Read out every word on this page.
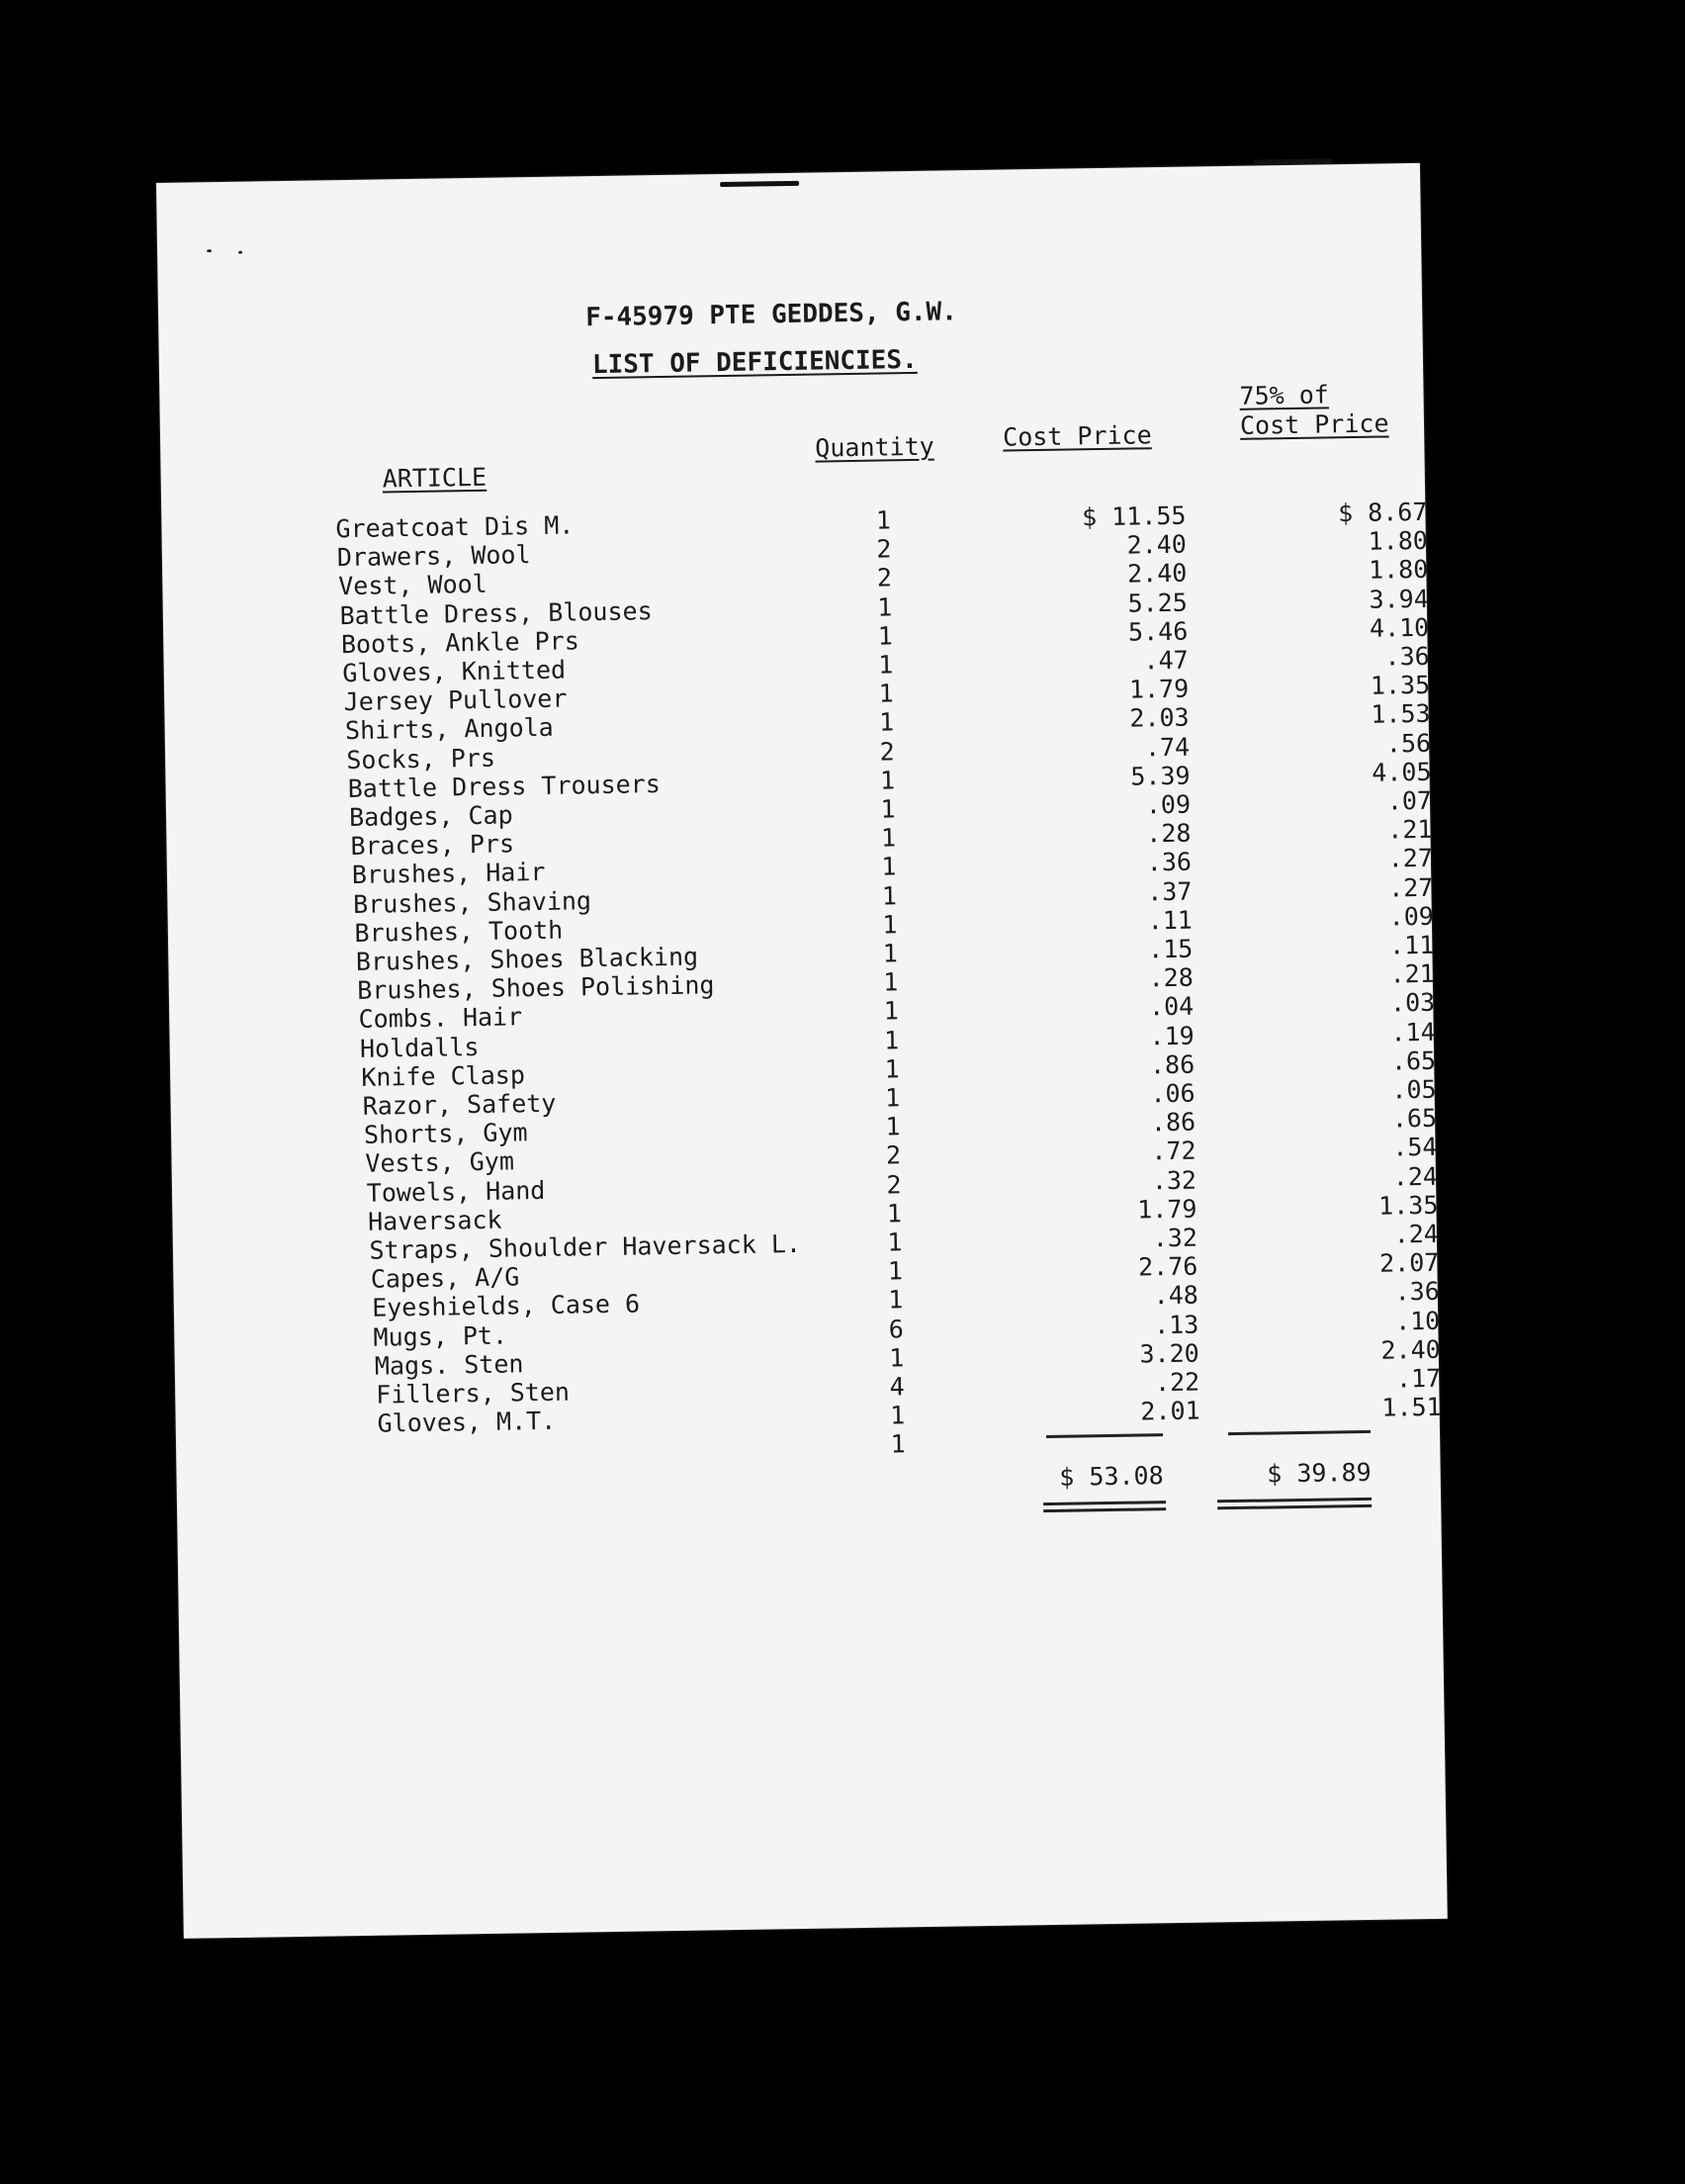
F-45979 PTE GEDDES, G.W.
LIST OF DEFICIENCIES.
75% of
Cost Price
Cost Price
Quantity
ARTICLE
Greatcoat Dis M.	1	$ 11.55	$ 8.67
Drawers, Wool	2	2.40	1.80
Vest, Wool	2	2.40	1.80
Battle Dress, Blouses	1	5.25	3.94
Boots, Ankle Prs	1	5.46	4.10
Gloves, Knitted	1	.47	.36
Jersey Pullover	1	1.79	1.35
Shirts, Angola	1	2.03	1.53
Socks, Prs	2	.74	.56
Battle Dress Trousers	1	5.39	4.05
Badges, Cap	1	.09	.07
Braces, Prs	1	.28	.21
Brushes, Hair	1	.36	.27
Brushes, Shaving	1	.37	.27
Brushes, Tooth	1	.11	.09
Brushes, Shoes Blacking	1	.15	.11
Brushes, Shoes Polishing	1	.28	.21
Combs. Hair	1	.04	.03
Holdalls	1	.19	.14
Knife Clasp	1	.86	.65
Razor, Safety	1	.06	.05
Shorts, Gym	1	.86	.65
Vests, Gym	2	.72	.54
Towels, Hand	2	.32	.24
Haversack	1	1.79	1.35
Straps, Shoulder Haversack L.	1	.32	.24
Capes, A/G	1	2.76	2.07
Eyeshields, Case 6	1	.48	.36
Mugs, Pt.	6	.13	.10
Mags. Sten	1	3.20	2.40
Fillers, Sten	4	.22	.17
Gloves, M.T.	1	2.01	1.51
1
$ 53.08	$ 39.89
